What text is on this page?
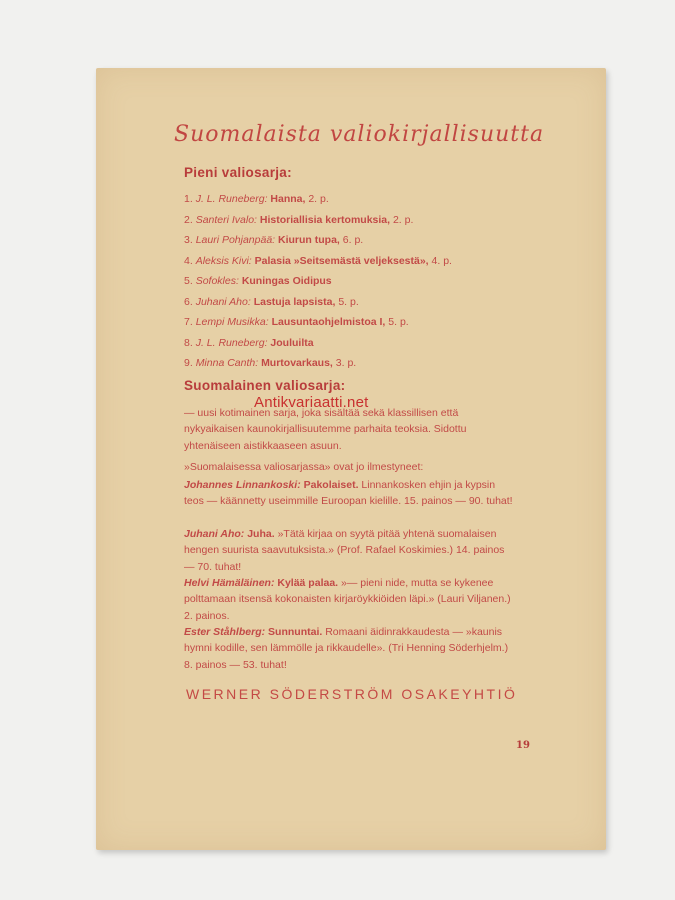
Suomalaista valiokirjallisuutta
Pieni valiosarja:
1. J. L. Runeberg: Hanna, 2. p.
2. Santeri Ivalo: Historiallisia kertomuksia, 2. p.
3. Lauri Pohjanpää: Kiurun tupa, 6. p.
4. Aleksis Kivi: Palasia »Seitsemästä veljeksestä», 4. p.
5. Sofokles: Kuningas Oidipus
6. Juhani Aho: Lastuja lapsista, 5. p.
7. Lempi Musikka: Lausuntaohjelmistoa I, 5. p.
8. J. L. Runeberg: Jouluilta
9. Minna Canth: Murtovarkaus, 3. p.
Suomalainen valiosarja:
Antikvariaatti.net
— uusi kotimainen sarja, joka sisältää sekä klassillisen että nykyaikaisen kaunokirjallisuutemme parhaita teoksia. Sidottu yhtenäiseen aistikkaaseen asuun.
»Suomalaisessa valiosarjassa» ovat jo ilmestyneet:
Johannes Linnankoski: Pakolaiset. Linnankosken ehjin ja kypsin teos — käännetty useimmille Euroopan kielille. 15. painos — 90. tuhat!
Juhani Aho: Juha. »Tätä kirjaa on syytä pitää yhtenä suomalaisen hengen suurista saavutuksista.» (Prof. Rafael Koskimies.) 14. painos — 70. tuhat!
Helvi Hämäläinen: Kylää palaa. »— pieni nide, mutta se kykenee polttamaan itsensä kokonaisten kirjaröykkiöiden läpi.» (Lauri Viljanen.) 2. painos.
Ester Ståhlberg: Sunnuntai. Romaani äidinrakkaudesta — »kaunis hymni kodille, sen lämmölle ja rikkaudelle». (Tri Henning Söderhjelm.) 8. painos — 53. tuhat!
WERNER SÖDERSTRÖM OSAKEYHTIÖ
19
